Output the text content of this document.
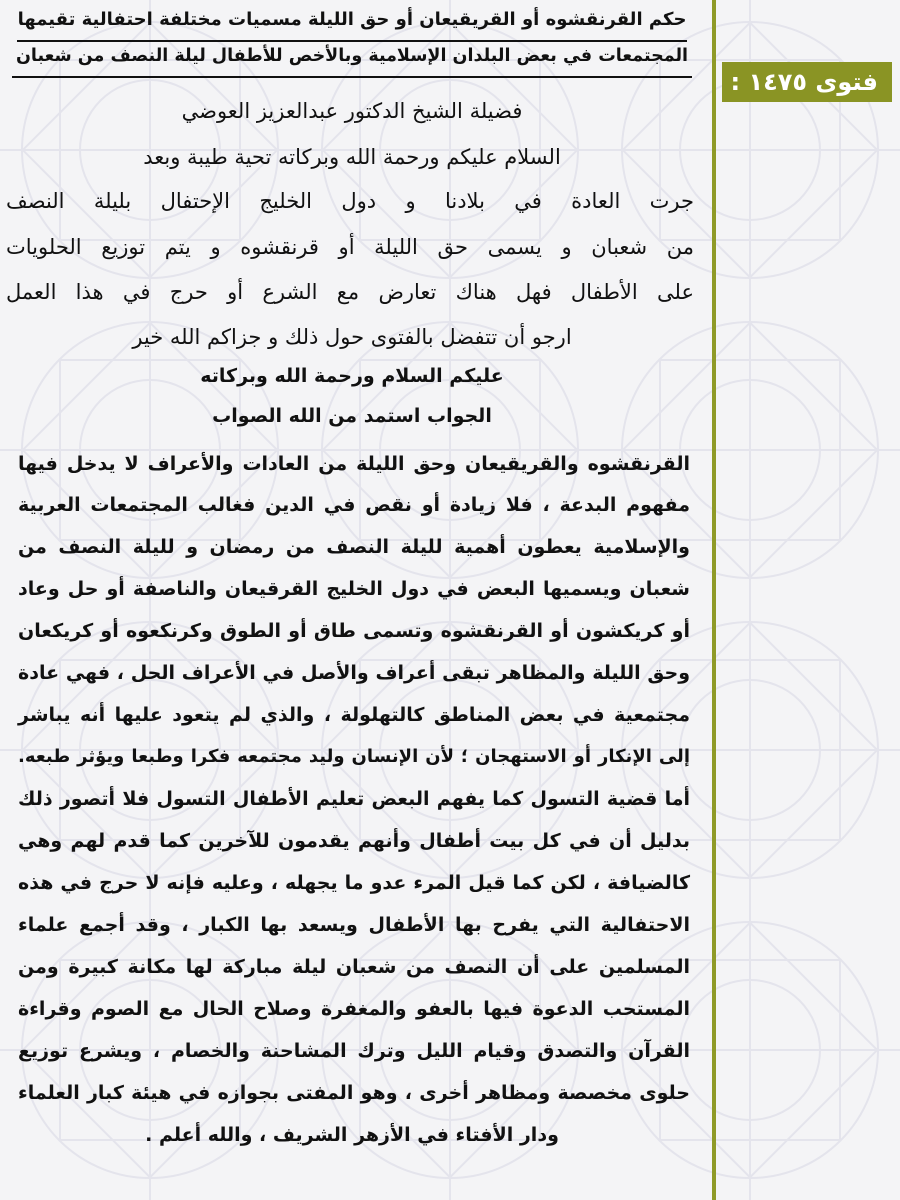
فتوى ١٤٧٥ :
حكم القرنقشوه أو القريقيعان أو حق الليلة مسميات مختلفة احتفالية تقيمها
المجتمعات في بعض البلدان الإسلامية وبالأخص للأطفال ليلة النصف من شعبان
فضيلة الشيخ الدكتور عبدالعزيز العوضي
السلام عليكم ورحمة الله وبركاته تحية طيبة وبعد
جرت العادة في بلادنا و دول الخليج الإحتفال بليلة النصف
من شعبان و يسمى حق الليلة أو قرنقشوه و يتم توزيع الحلويات
على الأطفال فهل هناك تعارض مع الشرع أو حرج في هذا العمل
ارجو أن تتفضل بالفتوى حول ذلك و جزاكم الله خير
عليكم السلام ورحمة الله وبركاته
الجواب استمد من الله الصواب
القرنقشوه والقريقيعان وحق الليلة من العادات والأعراف لا يدخل فيها
مفهوم البدعة ، فلا زيادة أو نقص في الدين فغالب المجتمعات العربية
والإسلامية يعطون أهمية لليلة النصف من رمضان و لليلة النصف من
شعبان ويسميها البعض في دول الخليج القرقيعان والناصفة أو حل وعاد
أو كريكشون أو القرنقشوه وتسمى طاق أو الطوق وكرنكعوه أو كريكعان
وحق الليلة والمظاهر تبقى أعراف والأصل في الأعراف الحل ، فهي عادة
مجتمعية في بعض المناطق كالتهلولة ، والذي لم يتعود عليها أنه يباشر
إلى الإنكار أو الاستهجان ؛ لأن الإنسان وليد مجتمعه فكرا وطبعا ويؤثر طبعه.
أما قضية التسول كما يفهم البعض تعليم الأطفال التسول فلا أتصور ذلك
بدليل أن في كل بيت أطفال وأنهم يقدمون للآخرين كما قدم لهم وهي
كالضيافة ، لكن كما قيل المرء عدو ما يجهله ، وعليه فإنه لا حرج في هذه
الاحتفالية التي يفرح بها الأطفال ويسعد بها الكبار ، وقد أجمع علماء
المسلمين على أن النصف من شعبان ليلة مباركة لها مكانة كبيرة ومن
المستحب الدعوة فيها بالعفو والمغفرة وصلاح الحال مع الصوم وقراءة
القرآن والتصدق وقيام الليل وترك المشاحنة والخصام ، ويشرع توزيع
حلوى مخصصة ومظاهر أخرى ، وهو المفتى بجوازه في هيئة كبار العلماء
ودار الأفتاء في الأزهر الشريف ، والله أعلم .
